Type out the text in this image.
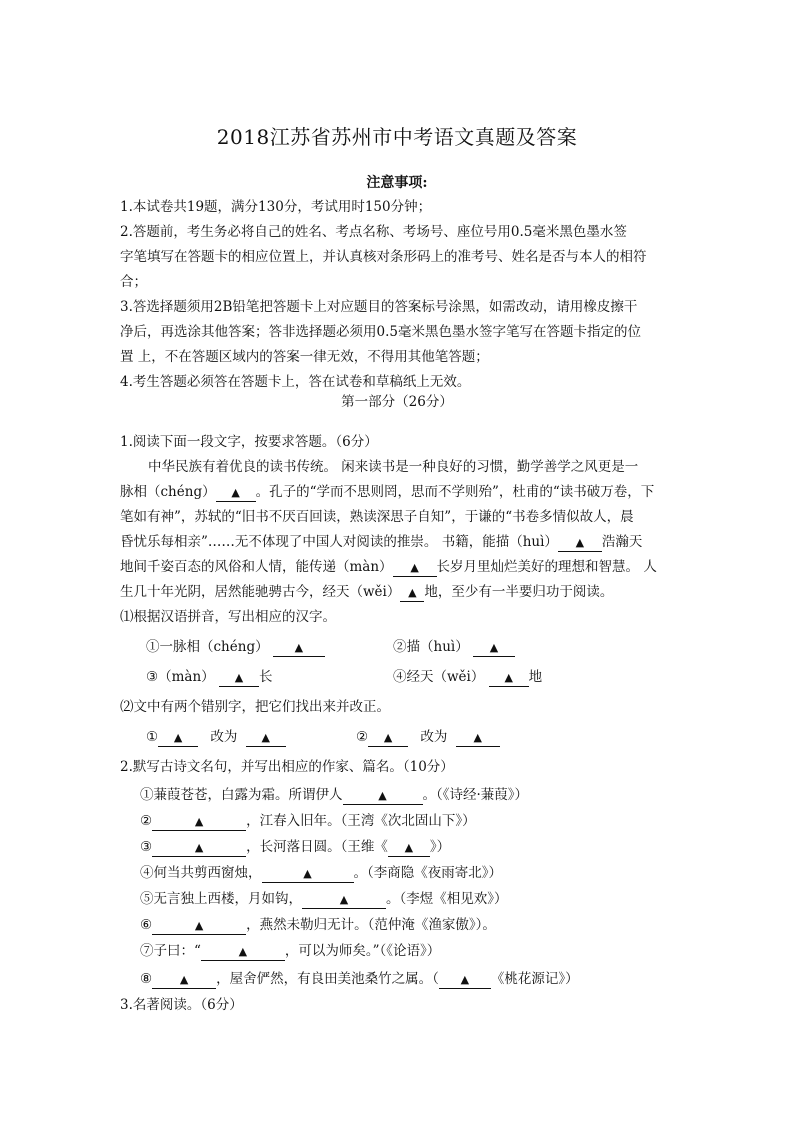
2018江苏省苏州市中考语文真题及答案
注意事项:
1.本试卷共19题，满分130分，考试用时150分钟；
2.答题前，考生务必将自己的姓名、考点名称、考场号、座位号用0.5毫米黑色墨水签
字笔填写在答题卡的相应位置上，并认真核对条形码上的准考号、姓名是否与本人的相符
合；
3.答选择题须用2B铅笔把答题卡上对应题目的答案标号涂黑，如需改动，请用橡皮擦干
净后，再选涂其他答案；答非选择题必须用0.5毫米黑色墨水签字笔写在答题卡指定的位
置 上，不在答题区域内的答案一律无效，不得用其他笔答题；
4.考生答题必须答在答题卡上，答在试卷和草稿纸上无效。
第一部分（26分）
1.阅读下面一段文字，按要求答题。（6分）
中华民族有着优良的读书传统。 闲来读书是一种良好的习惯，勤学善学之风更是一
脉相（chéng） ▲ 。孔子的“学而不思则罔，思而不学则殆”，杜甫的“读书破万卷，下
笔如有神”，苏轼的“旧书不厌百回读，熟读深思子自知”，于谦的“书卷多情似故人，晨
昏忧乐每相亲”……无不体现了中国人对阅读的推崇。 书籍，能描（huì） ▲ 浩瀚天
地间千姿百态的风俗和人情，能传递（màn） ▲ 长岁月里灿烂美好的理想和智慧。 人
生几十年光阴，居然能驰骋古今，经天（wěi） ▲ 地，至少有一半要归功于阅读。
⑴根据汉语拼音，写出相应的汉字。
①一脉相（chéng） ▲	②描（huì） ▲
③（màn） ▲ 长	④经天（wěi） ▲ 地
⑵文中有两个错别字，把它们找出来并改正。
① ▲ 改为 ▲	② ▲ 改为 ▲
2.默写古诗文名句，并写出相应的作家、篇名。（10分）
①蒹葭苍苍，白露为霜。所谓伊人	▲	。（《诗经·蒹葭》）
②	▲	，江春入旧年。（王湾《次北固山下》）
③	▲	，长河落日圆。（王维《 ▲ 》）
④何当共剪西窗烛，	▲	。（李商隐《夜雨寄北》）
⑤无言独上西楼，月如钩，	▲	。（李煜《相见欢》）
⑥	▲	，燕然未勒归无计。（范仲淹《渔家傲》）。
⑦子曰：“	▲	，可以为师矣。”（《论语》）
⑧	▲ ，屋舍俨然，有良田美池桑竹之属。（ ▲ 《桃花源记》）
3.名著阅读。（6分）
